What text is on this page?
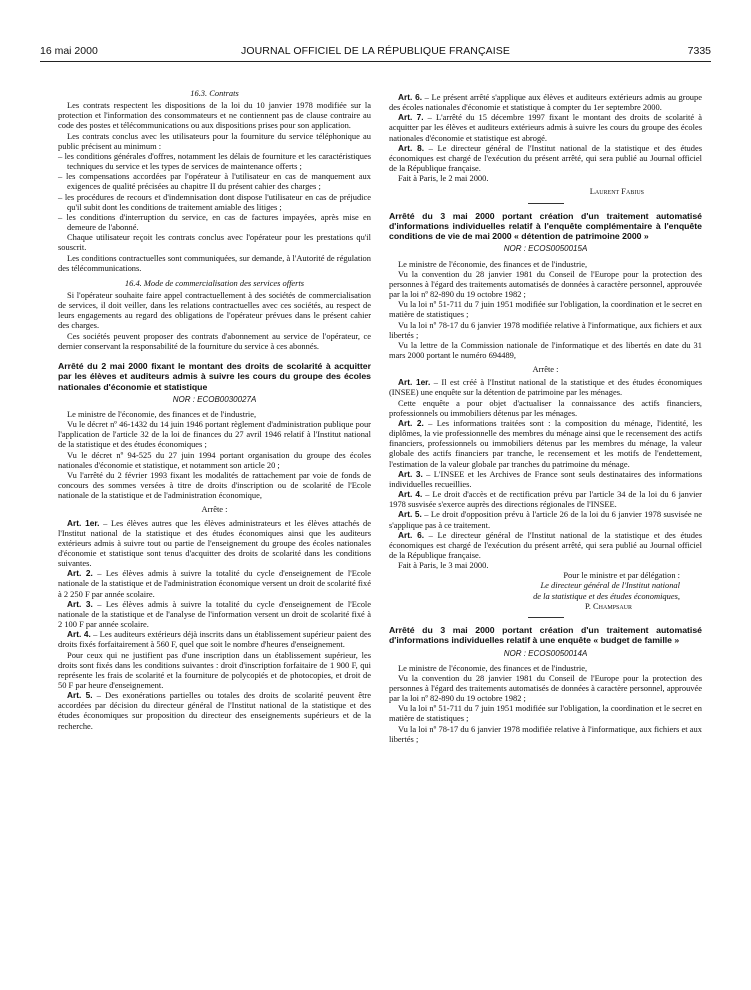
16 mai 2000	JOURNAL OFFICIEL DE LA RÉPUBLIQUE FRANÇAISE	7335

16.3. Contrats

Les contrats respectent les dispositions de la loi du 10 janvier 1978 modifiée sur la protection et l'information des consommateurs et ne contiennent pas de clause contraire au code des postes et télécommunications ou aux dispositions prises pour son application.

Les contrats conclus avec les utilisateurs pour la fourniture du service téléphonique au public précisent au minimum :

– les conditions générales d'offres, notamment les délais de fourniture et les caractéristiques techniques du service et les types de services de maintenance offerts ;

– les compensations accordées par l'opérateur à l'utilisateur en cas de manquement aux exigences de qualité précisées au chapitre II du présent cahier des charges ;

– les procédures de recours et d'indemnisation dont dispose l'utilisateur en cas de préjudice qu'il subit dont les conditions de traitement amiable des litiges ;

– les conditions d'interruption du service, en cas de factures impayées, après mise en demeure de l'abonné.

Chaque utilisateur reçoit les contrats conclus avec l'opérateur pour les prestations qu'il souscrit.

Les conditions contractuelles sont communiquées, sur demande, à l'Autorité de régulation des télécommunications.

16.4. Mode de commercialisation des services offerts

Si l'opérateur souhaite faire appel contractuellement à des sociétés de commercialisation de services, il doit veiller, dans les relations contractuelles avec ces sociétés, au respect de leurs engagements au regard des obligations de l'opérateur prévues dans le présent cahier des charges.

Ces sociétés peuvent proposer des contrats d'abonnement au service de l'opérateur, ce dernier conservant la responsabilité de la fourniture du service à ces abonnés.

Arrêté du 2 mai 2000 fixant le montant des droits de scolarité à acquitter par les élèves et auditeurs admis à suivre les cours du groupe des écoles nationales d'économie et statistique

NOR : ECOB0030027A

Le ministre de l'économie, des finances et de l'industrie,

Vu le décret nº 46-1432 du 14 juin 1946 portant règlement d'administration publique pour l'application de l'article 32 de la loi de finances du 27 avril 1946 relatif à l'Institut national de la statistique et des études économiques ;

Vu le décret nº 94-525 du 27 juin 1994 portant organisation du groupe des écoles nationales d'économie et statistique, et notamment son article 20 ;

Vu l'arrêté du 2 février 1993 fixant les modalités de rattachement par voie de fonds de concours des sommes versées à titre de droits d'inscription ou de scolarité de l'Ecole nationale de la statistique et de l'administration économique,

Arrête :

Art. 1er. – Les élèves autres que les élèves administrateurs et les élèves attachés de l'Institut national de la statistique et des études économiques ainsi que les auditeurs extérieurs admis à suivre tout ou partie de l'enseignement du groupe des écoles nationales d'économie et statistique sont tenus d'acquitter des droits de scolarité dans les conditions suivantes.

Art. 2. – Les élèves admis à suivre la totalité du cycle d'enseignement de l'Ecole nationale de la statistique et de l'administration économique versent un droit de scolarité fixé à 2 250 F par année scolaire.

Art. 3. – Les élèves admis à suivre la totalité du cycle d'enseignement de l'Ecole nationale de la statistique et de l'analyse de l'information versent un droit de scolarité fixé à 2 100 F par année scolaire.

Art. 4. – Les auditeurs extérieurs déjà inscrits dans un établissement supérieur paient des droits fixés forfaitairement à 560 F, quel que soit le nombre d'heures d'enseignement.

Pour ceux qui ne justifient pas d'une inscription dans un établissement supérieur, les droits sont fixés dans les conditions suivantes : droit d'inscription forfaitaire de 1 900 F, qui représente les frais de scolarité et la fourniture de polycopiés et de photocopies, et droit de 50 F par heure d'enseignement.

Art. 5. – Des exonérations partielles ou totales des droits de scolarité peuvent être accordées par décision du directeur général de l'Institut national de la statistique et des études économiques sur proposition du directeur des enseignements supérieurs et de la recherche.

Art. 6. – Le présent arrêté s'applique aux élèves et auditeurs extérieurs admis au groupe des écoles nationales d'économie et statistique à compter du 1er septembre 2000.

Art. 7. – L'arrêté du 15 décembre 1997 fixant le montant des droits de scolarité à acquitter par les élèves et auditeurs extérieurs admis à suivre les cours du groupe des écoles nationales d'économie et statistique est abrogé.

Art. 8. – Le directeur général de l'Institut national de la statistique et des études économiques est chargé de l'exécution du présent arrêté, qui sera publié au Journal officiel de la République française.

Fait à Paris, le 2 mai 2000.

Laurent Fabius

Arrêté du 3 mai 2000 portant création d'un traitement automatisé d'informations individuelles relatif à l'enquête complémentaire à l'enquête conditions de vie de mai 2000 « détention de patrimoine 2000 »

NOR : ECOS0050015A

Le ministre de l'économie, des finances et de l'industrie,

Vu la convention du 28 janvier 1981 du Conseil de l'Europe pour la protection des personnes à l'égard des traitements automatisés de données à caractère personnel, approuvée par la loi nº 82-890 du 19 octobre 1982 ;

Vu la loi nº 51-711 du 7 juin 1951 modifiée sur l'obligation, la coordination et le secret en matière de statistiques ;

Vu la loi nº 78-17 du 6 janvier 1978 modifiée relative à l'informatique, aux fichiers et aux libertés ;

Vu la lettre de la Commission nationale de l'informatique et des libertés en date du 31 mars 2000 portant le numéro 694489,

Arrête :

Art. 1er. – Il est créé à l'Institut national de la statistique et des études économiques (INSEE) une enquête sur la détention de patrimoine par les ménages.

Cette enquête a pour objet d'actualiser la connaissance des actifs financiers, professionnels ou immobiliers détenus par les ménages.

Art. 2. – Les informations traitées sont : la composition du ménage, l'identité, les diplômes, la vie professionnelle des membres du ménage ainsi que le recensement des actifs financiers, professionnels ou immobiliers détenus par les membres du ménage, la valeur globale des actifs financiers par tranche, le recensement et les motifs de l'endettement, l'estimation de la valeur globale par tranches du patrimoine du ménage.

Art. 3. – L'INSEE et les Archives de France sont seuls destinataires des informations individuelles recueillies.

Art. 4. – Le droit d'accès et de rectification prévu par l'article 34 de la loi du 6 janvier 1978 susvisée s'exerce auprès des directions régionales de l'INSEE.

Art. 5. – Le droit d'opposition prévu à l'article 26 de la loi du 6 janvier 1978 susvisée ne s'applique pas à ce traitement.

Art. 6. – Le directeur général de l'Institut national de la statistique et des études économiques est chargé de l'exécution du présent arrêté, qui sera publié au Journal officiel de la République française.

Fait à Paris, le 3 mai 2000.

Pour le ministre et par délégation :

Le directeur général de l'Institut national

de la statistique et des études économiques,

P. Champsaur

Arrêté du 3 mai 2000 portant création d'un traitement automatisé d'informations individuelles relatif à une enquête « budget de famille »

NOR : ECOS0050014A

Le ministre de l'économie, des finances et de l'industrie,

Vu la convention du 28 janvier 1981 du Conseil de l'Europe pour la protection des personnes à l'égard des traitements automatisés de données à caractère personnel, approuvée par la loi nº 82-890 du 19 octobre 1982 ;

Vu la loi nº 51-711 du 7 juin 1951 modifiée sur l'obligation, la coordination et le secret en matière de statistiques ;

Vu la loi nº 78-17 du 6 janvier 1978 modifiée relative à l'informatique, aux fichiers et aux libertés ;
